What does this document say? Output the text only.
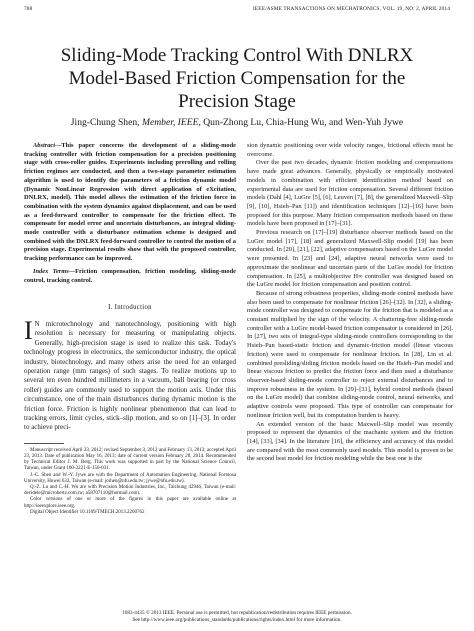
788	IEEE/ASME TRANSACTIONS ON MECHATRONICS, VOL. 19, NO. 2, APRIL 2014
Sliding-Mode Tracking Control With DNLRX Model-Based Friction Compensation for the Precision Stage
Jing-Chung Shen, Member, IEEE, Qun-Zhong Lu, Chia-Hung Wu, and Wen-Yuh Jywe

Abstract—This paper concerns the development of a sliding-mode tracking controller with friction compensation for a precision positioning stage with cross-roller guides. Experiments including prerolling and rolling friction regimes are conducted, and then a two-stage parameter estimation algorithm is used to identify the parameters of a friction dynamic model (Dynamic NonLinear Regression with direct application of eXcitation, DNLRX, model). This model allows the estimation of the friction force in combination with the system dynamics against displacement, and can be used as a feed-forward controller to compensate for the friction effect. To compensate for model error and uncertain disturbances, an integral sliding-mode controller with a disturbance estimation scheme is designed and combined with the DNLRX feed-forward controller to control the motion of a precision stage. Experimental results show that with the proposed controller, tracking performance can be improved.

Index Terms—Friction compensation, friction modeling, sliding-mode control, tracking control.

I. Introduction

I N microtechnology and nanotechnology, positioning with high resolution is necessary for measuring or manipulating objects. Generally, high-precision stage is used to realize this task. Today's technology progress in electronics, the semiconductor industry, the optical industry, biotechnology, and many others arise the need for an enlarged operation range (mm ranges) of such stages. To realize motions up to several ten even hundred millimeters in a vacuum, ball bearing (or cross roller) guides are commonly used to support the motion axis. Under this circumstance, one of the main disturbances during dynamic motion is the friction force. Friction is highly nonlinear phenomenon that can lead to tracking errors, limit cycles, stick–slip motion, and so on [1]–[3]. In order to achieve preci-

Manuscript received April 23, 2012; revised September 3, 2012 and February 13, 2013; accepted April 23, 2013. Date of publication May 16, 2013; date of current version February 20, 2014. Recommended by Technical Editor J. M. Berg. This work was supported in part by the National Science Council, Taiwan, under Grant 100-2221-E-150-031.

J.-C. Shen and W.-Y. Jywe are with the Department of Automation Engineering, National Formosa University, Huwei 632, Taiwan (e-mail: jcshen@nfu.edu.tw; jywe@nfu.edu.tw).

Q.-Z. Lu and C.-H. Wu are with Precision Motion Industries, Inc., Taichung 42946, Taiwan (e-mail: decidele@microbertz.com.tw; a58707110@hotmail.com).

Color versions of one or more of the figures in this paper are available online at http://ieeexplore.ieee.org.

Digital Object Identifier 10.1109/TMECH.2013.2260762

sion dynamic positioning over wide velocity ranges, frictional effects must be overcome.

Over the past two decades, dynamic friction modeling and compensations have made great advances. Generally, physically or empirically motivated models in combination with efficient identification method based on experimental data are used for friction compensation. Several different friction models (Dahl [4], LuGre [5], [6], Leuven [7], [8], the generalized Maxwell–Slip [9], [10], Hsieh–Pan [11]) and identification techniques [12]–[16] have been proposed for this purpose. Many friction compensation methods based on these models have been proposed in [17]–[31].

Previous research on [17]–[19] disturbance observer methods based on the LuGre model [17], [18] and generalized Maxwell-Slip model [19] has been conducted. In [20], [21], [22], adaptive compensators based on the LuGre model were presented. In [23] and [24], adaptive neural networks were used to approximate the nonlinear and uncertain parts of the LuGre model for friction compensation. In [25], a multiobjective H∞ controller was designed based on the LuGre model for friction compensation and position control.

Because of strong robustness properties, sliding-mode control methods have also been used to compensate for nonlinear friction [26]–[32]. In [32], a sliding-mode controller was designed to compensate for the friction that is modeled as a constant multiplied by the sign of the velocity. A chattering-free sliding-mode controller with a LuGre model-based friction compensator is considered in [26]. In [27], two sets of integral-type sliding-mode controllers corresponding to the Hsieh–Pan based-static friction and dynamic-friction model (linear viscous friction) were used to compensate for nonlinear friction. In [28], Lin et al. combined presliding/sliding friction models based on the Hsieh–Pan model and linear viscous friction to predict the friction force and then used a disturbance observer-based sliding-mode controller to reject external disturbances and to improve robustness in the system. In [29]–[31], hybrid control methods (based on the LuGre model) that combine sliding-mode control, neural networks, and adaptive controls were proposed. This type of controller can compensate for nonlinear friction well, but its computation burden is heavy.

An extended version of the basic Maxwell–Slip model was recently proposed to represent the dynamics of the machanic system and the friction [14], [33], [34]. In the literature [16], the efficiency and accuracy of this model are compared with the most commonly used models. This model is proven to be the second best model for friction modeling while the best one is the

1083-4435 © 2013 IEEE. Personal use is permitted, but republication/redistribution requires IEEE permission.
See http://www.ieee.org/publications_standards/publications/rights/index.html for more information.
